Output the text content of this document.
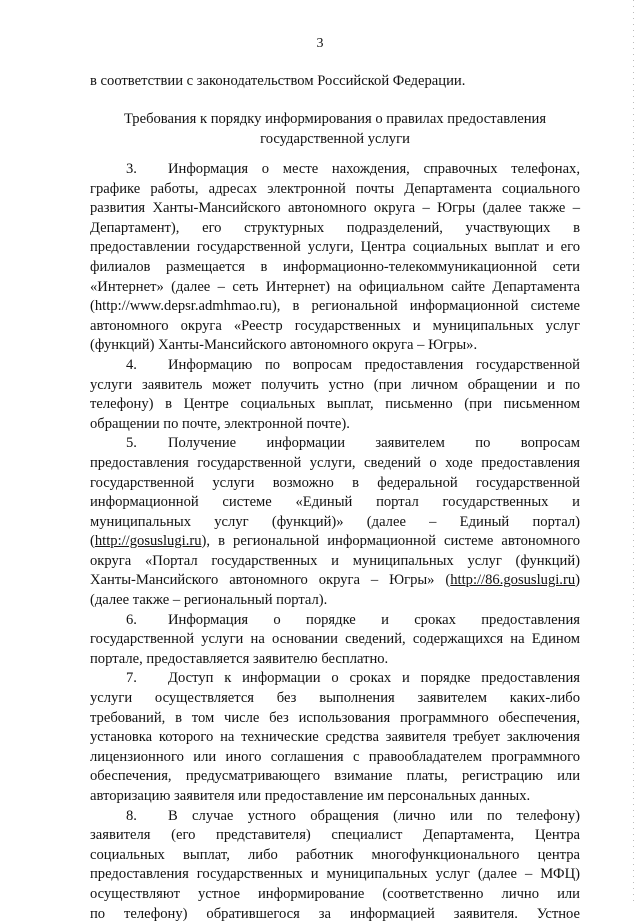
3

в соответствии с законодательством Российской Федерации.

Требования к порядку информирования о правилах предоставления
государственной услуги

3. Информация о месте нахождения, справочных телефонах,

графике работы, адресах электронной почты Департамента социального

развития Ханты-Мансийского автономного округа – Югры (далее также –

Департамент), его структурных подразделений, участвующих в

предоставлении государственной услуги, Центра социальных выплат и его

филиалов размещается в информационно-телекоммуникационной сети

«Интернет» (далее – сеть Интернет) на официальном сайте Департамента

(http://www.depsr.admhmao.ru), в региональной информационной системе

автономного округа «Реестр государственных и муниципальных услуг

(функций) Ханты-Мансийского автономного округа – Югры».

4. Информацию по вопросам предоставления государственной

услуги заявитель может получить устно (при личном обращении и по

телефону) в Центре социальных выплат, письменно (при письменном

обращении по почте, электронной почте).

5. Получение информации заявителем по вопросам

предоставления государственной услуги, сведений о ходе предоставления

государственной услуги возможно в федеральной государственной

информационной системе «Единый портал государственных и

муниципальных услуг (функций)» (далее – Единый портал)

(http://gosuslugi.ru), в региональной информационной системе автономного

округа «Портал государственных и муниципальных услуг (функций)

Ханты-Мансийского автономного округа – Югры» (http://86.gosuslugi.ru)

(далее также – региональный портал).

6. Информация о порядке и сроках предоставления

государственной услуги на основании сведений, содержащихся на Едином

портале, предоставляется заявителю бесплатно.

7. Доступ к информации о сроках и порядке предоставления

услуги осуществляется без выполнения заявителем каких-либо

требований, в том числе без использования программного обеспечения,

установка которого на технические средства заявителя требует заключения

лицензионного или иного соглашения с правообладателем программного

обеспечения, предусматривающего взимание платы, регистрацию или

авторизацию заявителя или предоставление им персональных данных.

8. В случае устного обращения (лично или по телефону)

заявителя (его представителя) специалист Департамента, Центра

социальных выплат, либо работник многофункционального центра

предоставления государственных и муниципальных услуг (далее – МФЦ)

осуществляют устное информирование (соответственно лично или

по телефону) обратившегося за информацией заявителя. Устное
